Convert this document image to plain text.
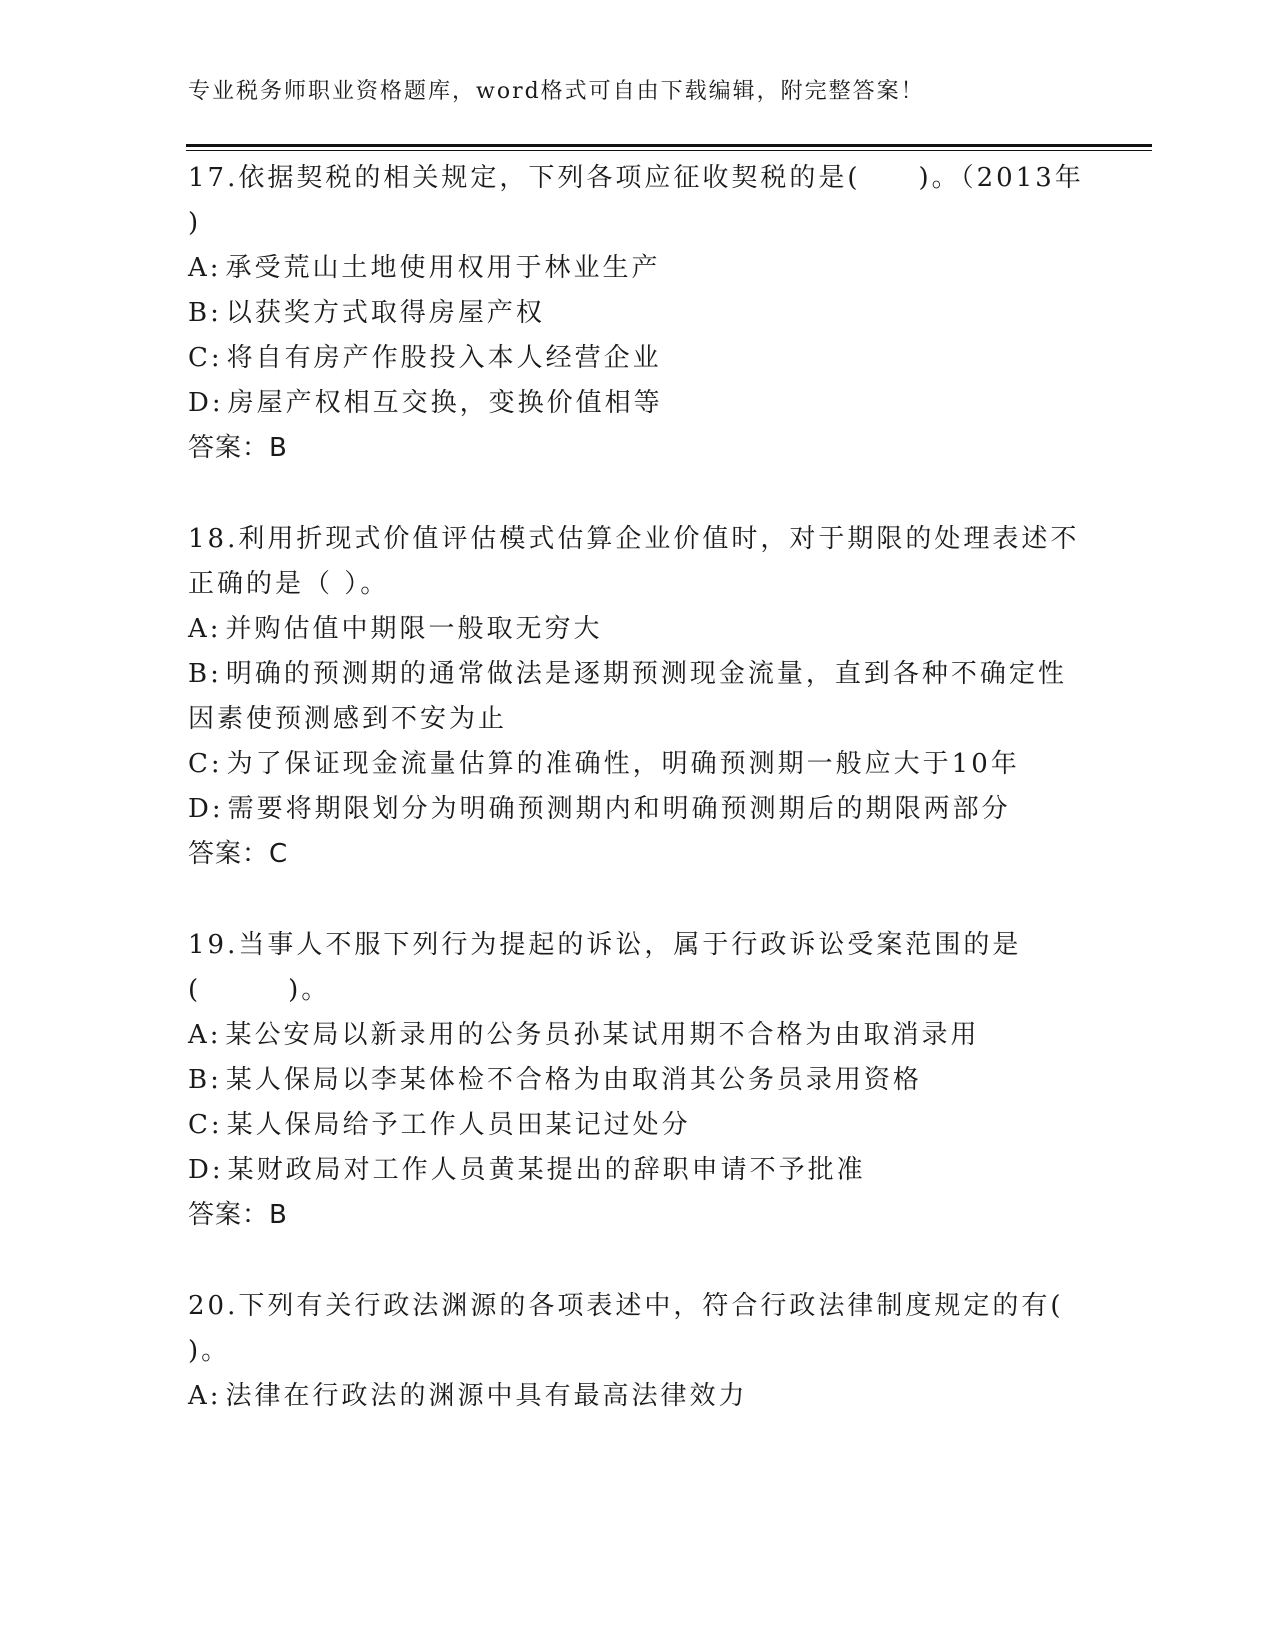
专业税务师职业资格题库，word格式可自由下载编辑，附完整答案！
17.依据契税的相关规定，下列各项应征收契税的是(　　)。（2013年
)
A: 承受荒山土地使用权用于林业生产
B: 以获奖方式取得房屋产权
C: 将自有房产作股投入本人经营企业
D: 房屋产权相互交换，变换价值相等
答案：B
18.利用折现式价值评估模式估算企业价值时，对于期限的处理表述不
正确的是（ ）。
A: 并购估值中期限一般取无穷大
B: 明确的预测期的通常做法是逐期预测现金流量，直到各种不确定性
因素使预测感到不安为止
C: 为了保证现金流量估算的准确性，明确预测期一般应大于10年
D: 需要将期限划分为明确预测期内和明确预测期后的期限两部分
答案：C
19.当事人不服下列行为提起的诉讼，属于行政诉讼受案范围的是
(　　　)。
A: 某公安局以新录用的公务员孙某试用期不合格为由取消录用
B: 某人保局以李某体检不合格为由取消其公务员录用资格
C: 某人保局给予工作人员田某记过处分
D: 某财政局对工作人员黄某提出的辞职申请不予批准
答案：B
20.下列有关行政法渊源的各项表述中，符合行政法律制度规定的有(
)。
A: 法律在行政法的渊源中具有最高法律效力
